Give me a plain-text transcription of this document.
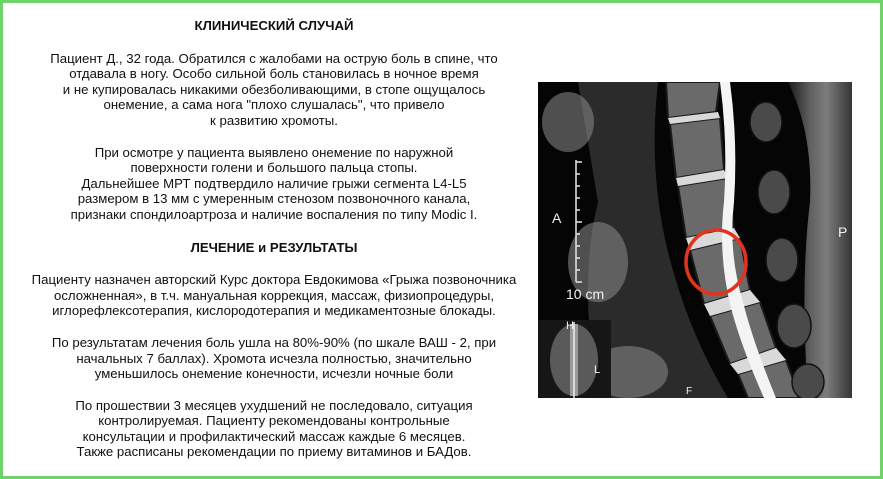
КЛИНИЧЕСКИЙ СЛУЧАЙ

Пациент Д., 32 года. Обратился с жалобами на острую боль в спине, что
отдавала в ногу. Особо сильной боль становилась в ночное время
и не купировалась никакими обезболивающими, в стопе ощущалось
онемение, а сама нога "плохо слушалась", что привело
к развитию хромоты.

При осмотре у пациента выявлено онемение по наружной
поверхности голени и большого пальца стопы.
Дальнейшее МРТ подтвердило наличие грыжи сегмента L4-L5
размером в 13 мм с умеренным стенозом позвоночного канала,
признаки спондилоартроза и наличие воспаления по типу Modic I.

ЛЕЧЕНИЕ и РЕЗУЛЬТАТЫ

Пациенту назначен авторский Курс доктора Евдокимова «Грыжа позвоночника
осложненная», в т.ч. мануальная коррекция, массаж, физиопроцедуры,
иглорефлексотерапия, кислородотерапия и медикаментозные блокады.

По результатам лечения боль ушла на 80%-90% (по шкале ВАШ - 2, при
начальных 7 баллах). Хромота исчезла полностью, значительно
уменьшилось онемение конечности, исчезли ночные боли

По прошествии 3 месяцев ухудшений не последовало, ситуация
контролируемая. Пациенту рекомендованы контрольные
консультации и профилактический массаж каждые 6 месяцев.
Также расписаны рекомендации по приему витаминов и БАДов.

A
P
10 cm
H
L
F
